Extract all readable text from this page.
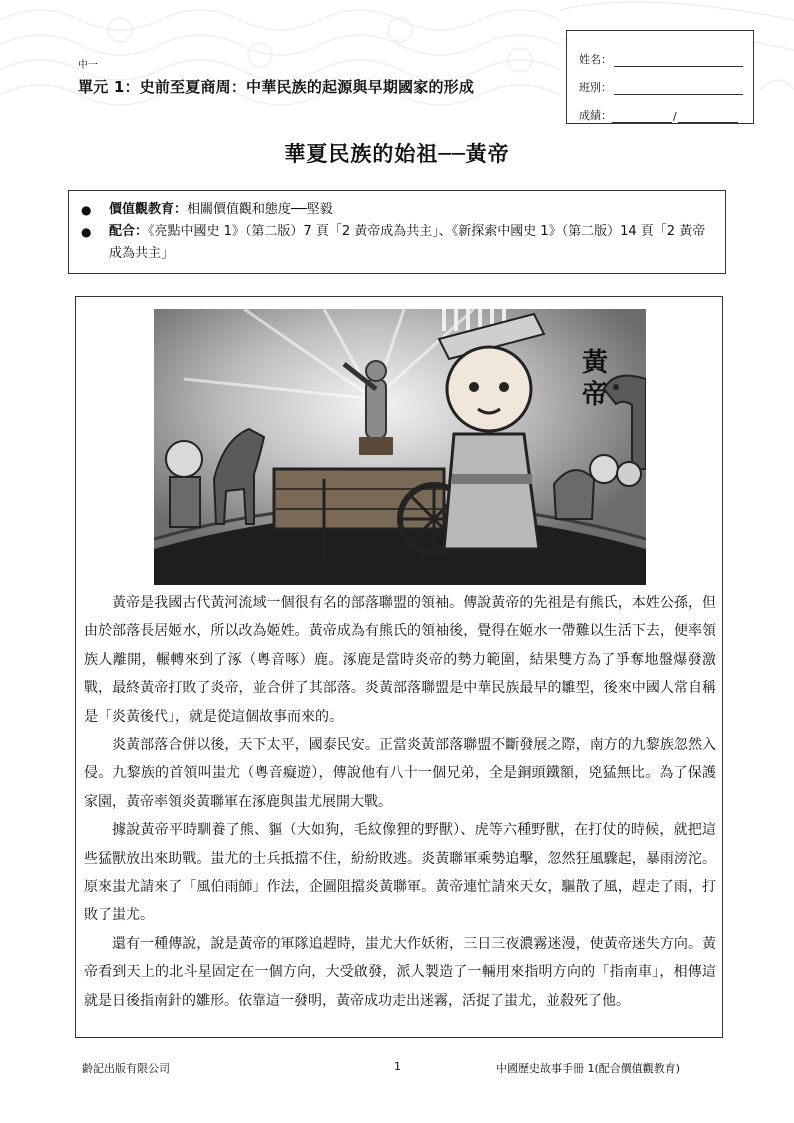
中一
單元 1：史前至夏商周：中華民族的起源與早期國家的形成
姓名：
班別：
成績：	/
華夏民族的始祖──黃帝
●	價值觀教育：相關價值觀和態度──堅毅
●	配合：《亮點中國史 1》（第二版）7 頁「2 黃帝成為共主」、《新探索中國史 1》（第二版）14 頁「2 黃帝成為共主」
黃
帝

黃帝是我國古代黃河流域一個很有名的部落聯盟的領袖。傳說黃帝的先祖是有熊氏，本姓公孫，但由於部落長居姬水，所以改為姬姓。黃帝成為有熊氏的領袖後，覺得在姬水一帶難以生活下去，便率領族人離開，輾轉來到了涿（粵音啄）鹿。涿鹿是當時炎帝的勢力範圍，結果雙方為了爭奪地盤爆發激戰，最終黃帝打敗了炎帝，並合併了其部落。炎黃部落聯盟是中華民族最早的雛型，後來中國人常自稱是「炎黃後代」，就是從這個故事而來的。

炎黃部落合併以後，天下太平，國泰民安。正當炎黃部落聯盟不斷發展之際，南方的九黎族忽然入侵。九黎族的首領叫蚩尤（粵音癡遊），傳說他有八十一個兄弟，全是銅頭鐵額，兇猛無比。為了保護家園，黃帝率領炎黃聯軍在涿鹿與蚩尤展開大戰。

據說黃帝平時馴養了熊、貙（大如狗，毛紋像狸的野獸）、虎等六種野獸，在打仗的時候，就把這些猛獸放出來助戰。蚩尤的士兵抵擋不住，紛紛敗逃。炎黃聯軍乘勢追擊，忽然狂風驟起，暴雨滂沱。原來蚩尤請來了「風伯雨師」作法，企圖阻擋炎黃聯軍。黃帝連忙請來天女，驅散了風，趕走了雨，打敗了蚩尤。

還有一種傳說，說是黃帝的軍隊追趕時，蚩尤大作妖術，三日三夜濃霧迷漫，使黃帝迷失方向。黃帝看到天上的北斗星固定在一個方向，大受啟發，派人製造了一輛用來指明方向的「指南車」，相傳這就是日後指南針的雛形。依靠這一發明，黃帝成功走出迷霧，活捉了蚩尤，並殺死了他。

齡記出版有限公司	1	中國歷史故事手冊 1(配合價值觀教育)
